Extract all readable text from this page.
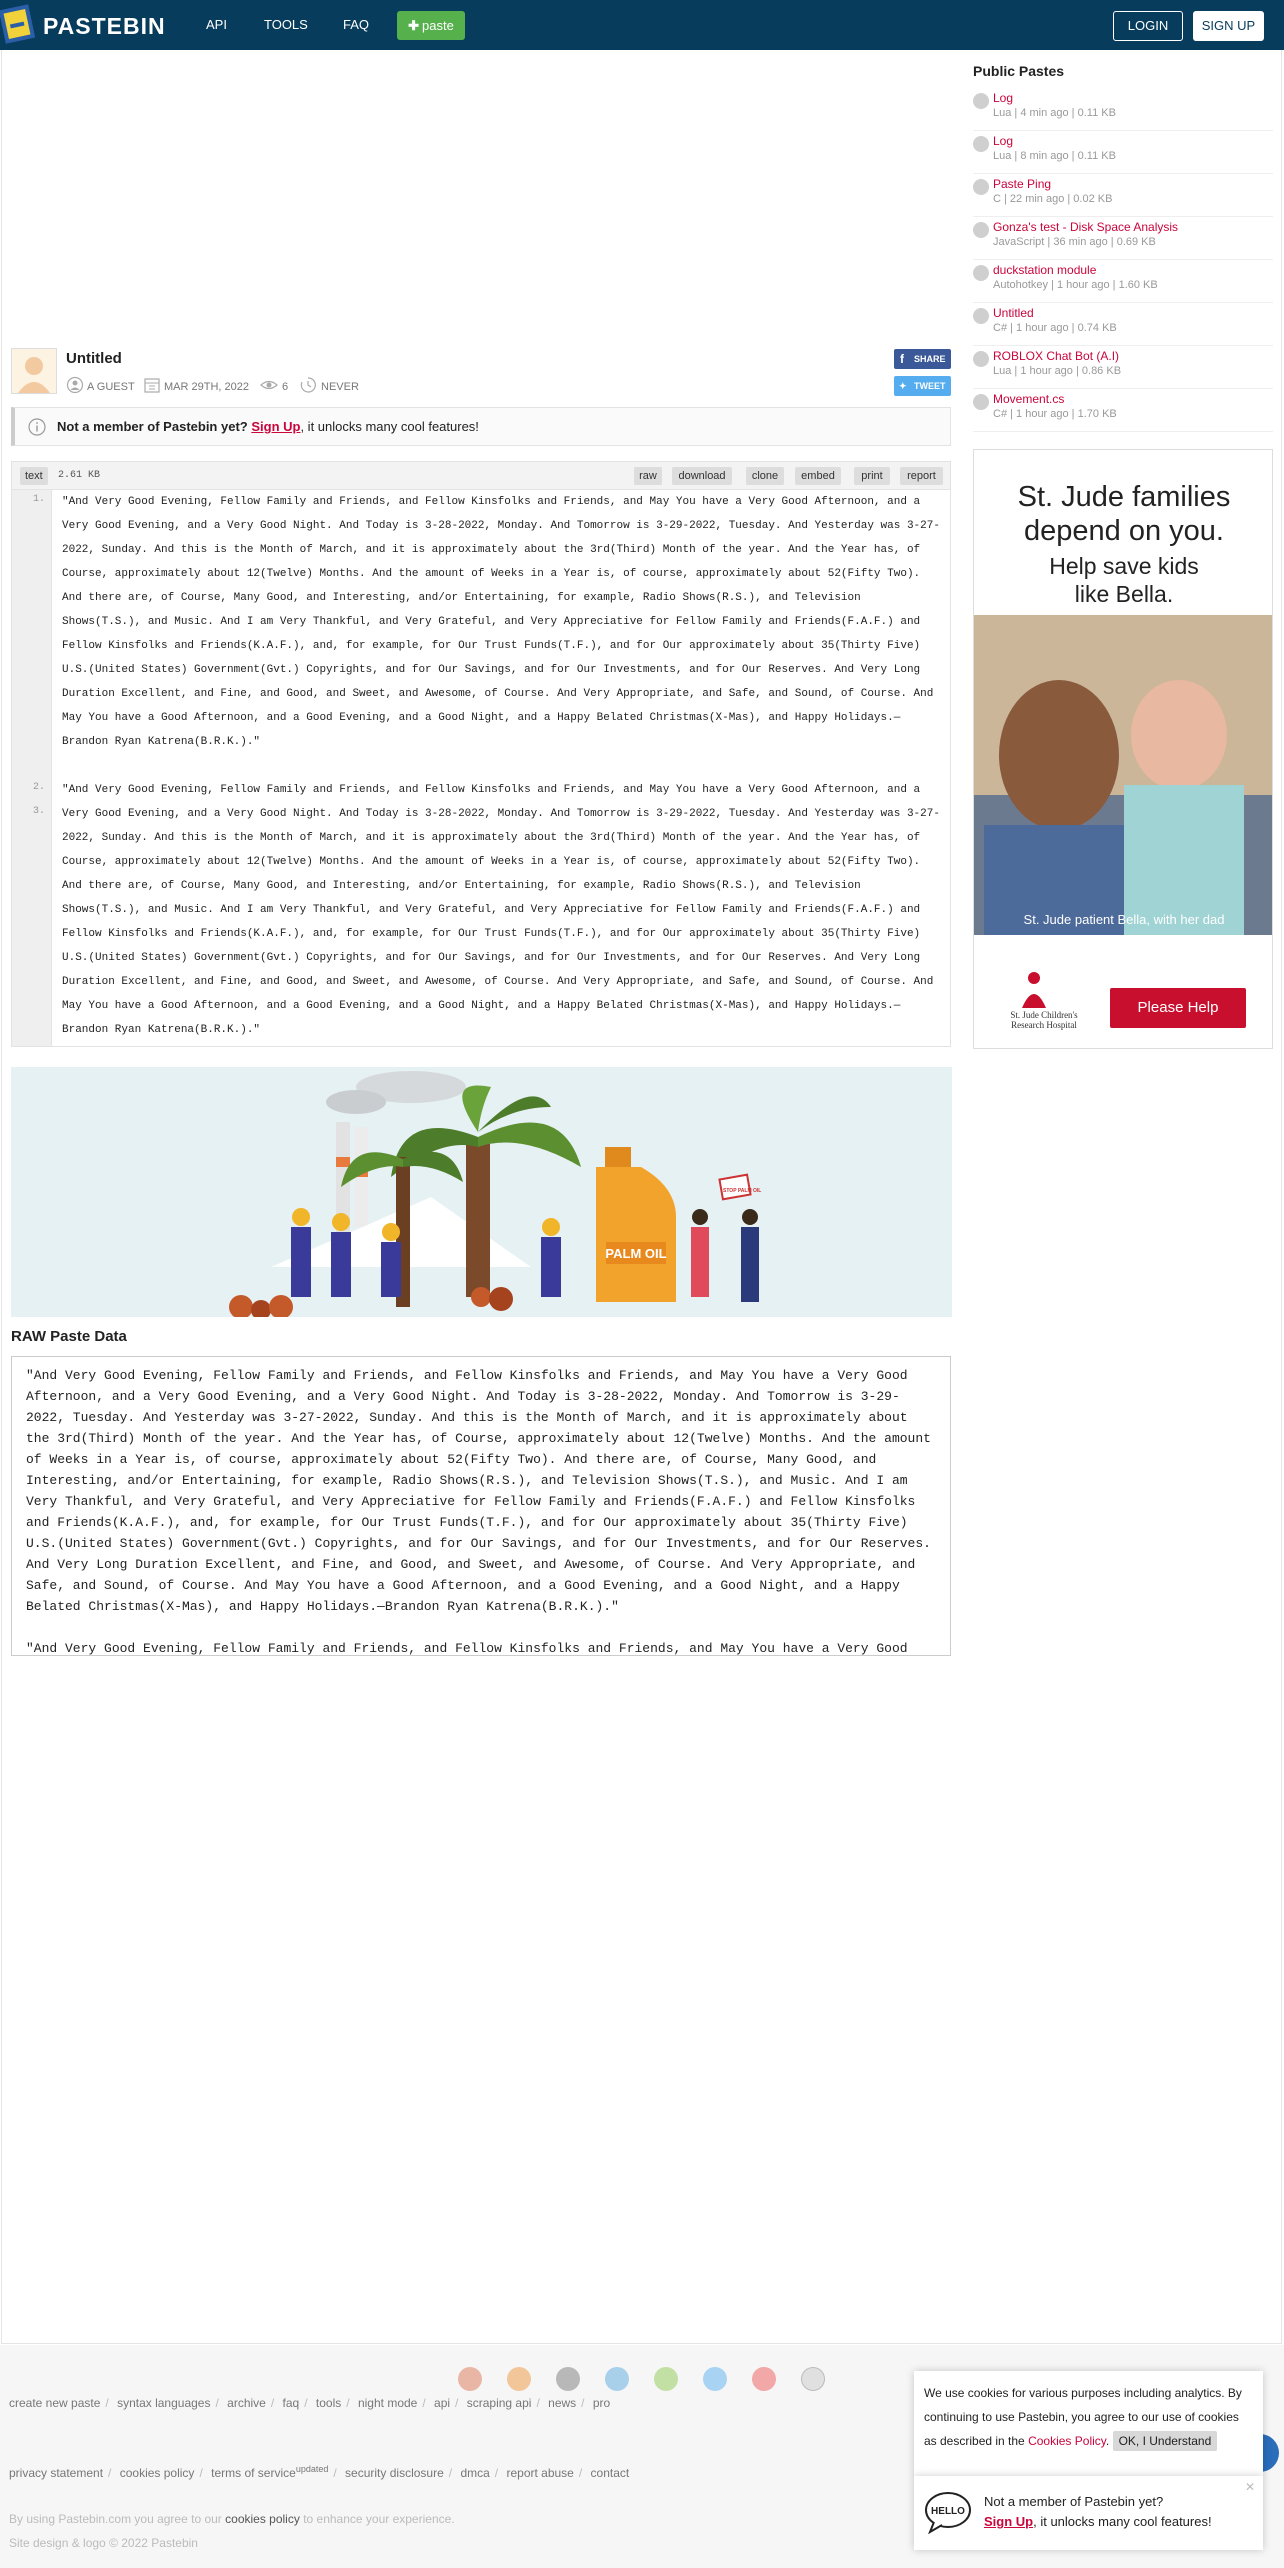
PASTEBIN	API	TOOLS	FAQ	✚ paste	LOGIN	SIGN UP
Untitled
A GUEST	MAR 29TH, 2022	6	NEVER
f SHARE
✦ TWEET
Not a member of Pastebin yet? Sign Up, it unlocks many cool features!
text	2.61 KB	raw	download	clone	embed	print	report
1.
2.
3.
"And Very Good Evening, Fellow Family and Friends, and Fellow Kinsfolks and Friends, and May You have a Very Good Afternoon, and a Very Good Evening, and a Very Good Night. And Today is 3-28-2022, Monday. And Tomorrow is 3-29-2022, Tuesday. And Yesterday was 3-27-2022, Sunday. And this is the Month of March, and it is approximately about the 3rd(Third) Month of the year. And the Year has, of Course, approximately about 12(Twelve) Months. And the amount of Weeks in a Year is, of course, approximately about 52(Fifty Two). And there are, of Course, Many Good, and Interesting, and/or Entertaining, for example, Radio Shows(R.S.), and Television Shows(T.S.), and Music. And I am Very Thankful, and Very Grateful, and Very Appreciative for Fellow Family and Friends(F.A.F.) and Fellow Kinsfolks and Friends(K.A.F.), and, for example, for Our Trust Funds(T.F.), and for Our approximately about 35(Thirty Five) U.S.(United States) Government(Gvt.) Copyrights, and for Our Savings, and for Our Investments, and for Our Reserves. And Very Long Duration Excellent, and Fine, and Good, and Sweet, and Awesome, of Course. And Very Appropriate, and Safe, and Sound, of Course. And May You have a Good Afternoon, and a Good Evening, and a Good Night, and a Happy Belated Christmas(X-Mas), and Happy Holidays.—Brandon Ryan Katrena(B.R.K.)."
"And Very Good Evening, Fellow Family and Friends, and Fellow Kinsfolks and Friends, and May You have a Very Good Afternoon, and a Very Good Evening, and a Very Good Night. And Today is 3-28-2022, Monday. And Tomorrow is 3-29-2022, Tuesday. And Yesterday was 3-27-2022, Sunday. And this is the Month of March, and it is approximately about the 3rd(Third) Month of the year. And the Year has, of Course, approximately about 12(Twelve) Months. And the amount of Weeks in a Year is, of course, approximately about 52(Fifty Two). And there are, of Course, Many Good, and Interesting, and/or Entertaining, for example, Radio Shows(R.S.), and Television Shows(T.S.), and Music. And I am Very Thankful, and Very Grateful, and Very Appreciative for Fellow Family and Friends(F.A.F.) and Fellow Kinsfolks and Friends(K.A.F.), and, for example, for Our Trust Funds(T.F.), and for Our approximately about 35(Thirty Five) U.S.(United States) Government(Gvt.) Copyrights, and for Our Savings, and for Our Investments, and for Our Reserves. And Very Long Duration Excellent, and Fine, and Good, and Sweet, and Awesome, of Course. And Very Appropriate, and Safe, and Sound, of Course. And May You have a Good Afternoon, and a Good Evening, and a Good Night, and a Happy Belated Christmas(X-Mas), and Happy Holidays.—Brandon Ryan Katrena(B.R.K.)."
PALM OIL
STOP PALM OIL
RAW Paste Data

"And Very Good Evening, Fellow Family and Friends, and Fellow Kinsfolks and Friends, and May You have a Very Good Afternoon, and a Very Good Evening, and a Very Good Night. And Today is 3-28-2022, Monday. And Tomorrow is 3-29-2022, Tuesday. And Yesterday was 3-27-2022, Sunday. And this is the Month of March, and it is approximately about the 3rd(Third) Month of the year. And the Year has, of Course, approximately about 12(Twelve) Months. And the amount of Weeks in a Year is, of course, approximately about 52(Fifty Two). And there are, of Course, Many Good, and Interesting, and/or Entertaining, for example, Radio Shows(R.S.), and Television Shows(T.S.), and Music. And I am Very Thankful, and Very Grateful, and Very Appreciative for Fellow Family and Friends(F.A.F.) and Fellow Kinsfolks and Friends(K.A.F.), and, for example, for Our Trust Funds(T.F.), and for Our approximately about 35(Thirty Five) U.S.(United States) Government(Gvt.) Copyrights, and for Our Savings, and for Our Investments, and for Our Reserves. And Very Long Duration Excellent, and Fine, and Good, and Sweet, and Awesome, of Course. And Very Appropriate, and Safe, and Sound, of Course. And May You have a Good Afternoon, and a Good Evening, and a Good Night, and a Happy Belated Christmas(X-Mas), and Happy Holidays.—Brandon Ryan Katrena(B.R.K.)."

"And Very Good Evening, Fellow Family and Friends, and Fellow Kinsfolks and Friends, and May You have a Very Good

Public Pastes
Log
Lua | 4 min ago | 0.11 KB
Log
Lua | 8 min ago | 0.11 KB
Paste Ping
C | 22 min ago | 0.02 KB
Gonza's test - Disk Space Analysis
JavaScript | 36 min ago | 0.69 KB
duckstation module
Autohotkey | 1 hour ago | 1.60 KB
Untitled
C# | 1 hour ago | 0.74 KB
ROBLOX Chat Bot (A.I)
Lua | 1 hour ago | 0.86 KB
Movement.cs
C# | 1 hour ago | 1.70 KB
St. Jude families depend on you.
Help save kids like Bella.
St. Jude patient Bella, with her dad
St. Jude Children's Research Hospital
Please Help
create new paste / syntax languages / archive / faq / tools / night mode / api / scraping api / news / pro
privacy statement / cookies policy / terms of service$^{updated}$ / security disclosure / dmca / report abuse / contact
By using Pastebin.com you agree to our cookies policy to enhance your experience.
Site design & logo © 2022 Pastebin
We use cookies for various purposes including analytics. By continuing to use Pastebin, you agree to our use of cookies as described in the Cookies Policy. OK, I Understand
HELLO
Not a member of Pastebin yet?
Sign Up, it unlocks many cool features!
✕
